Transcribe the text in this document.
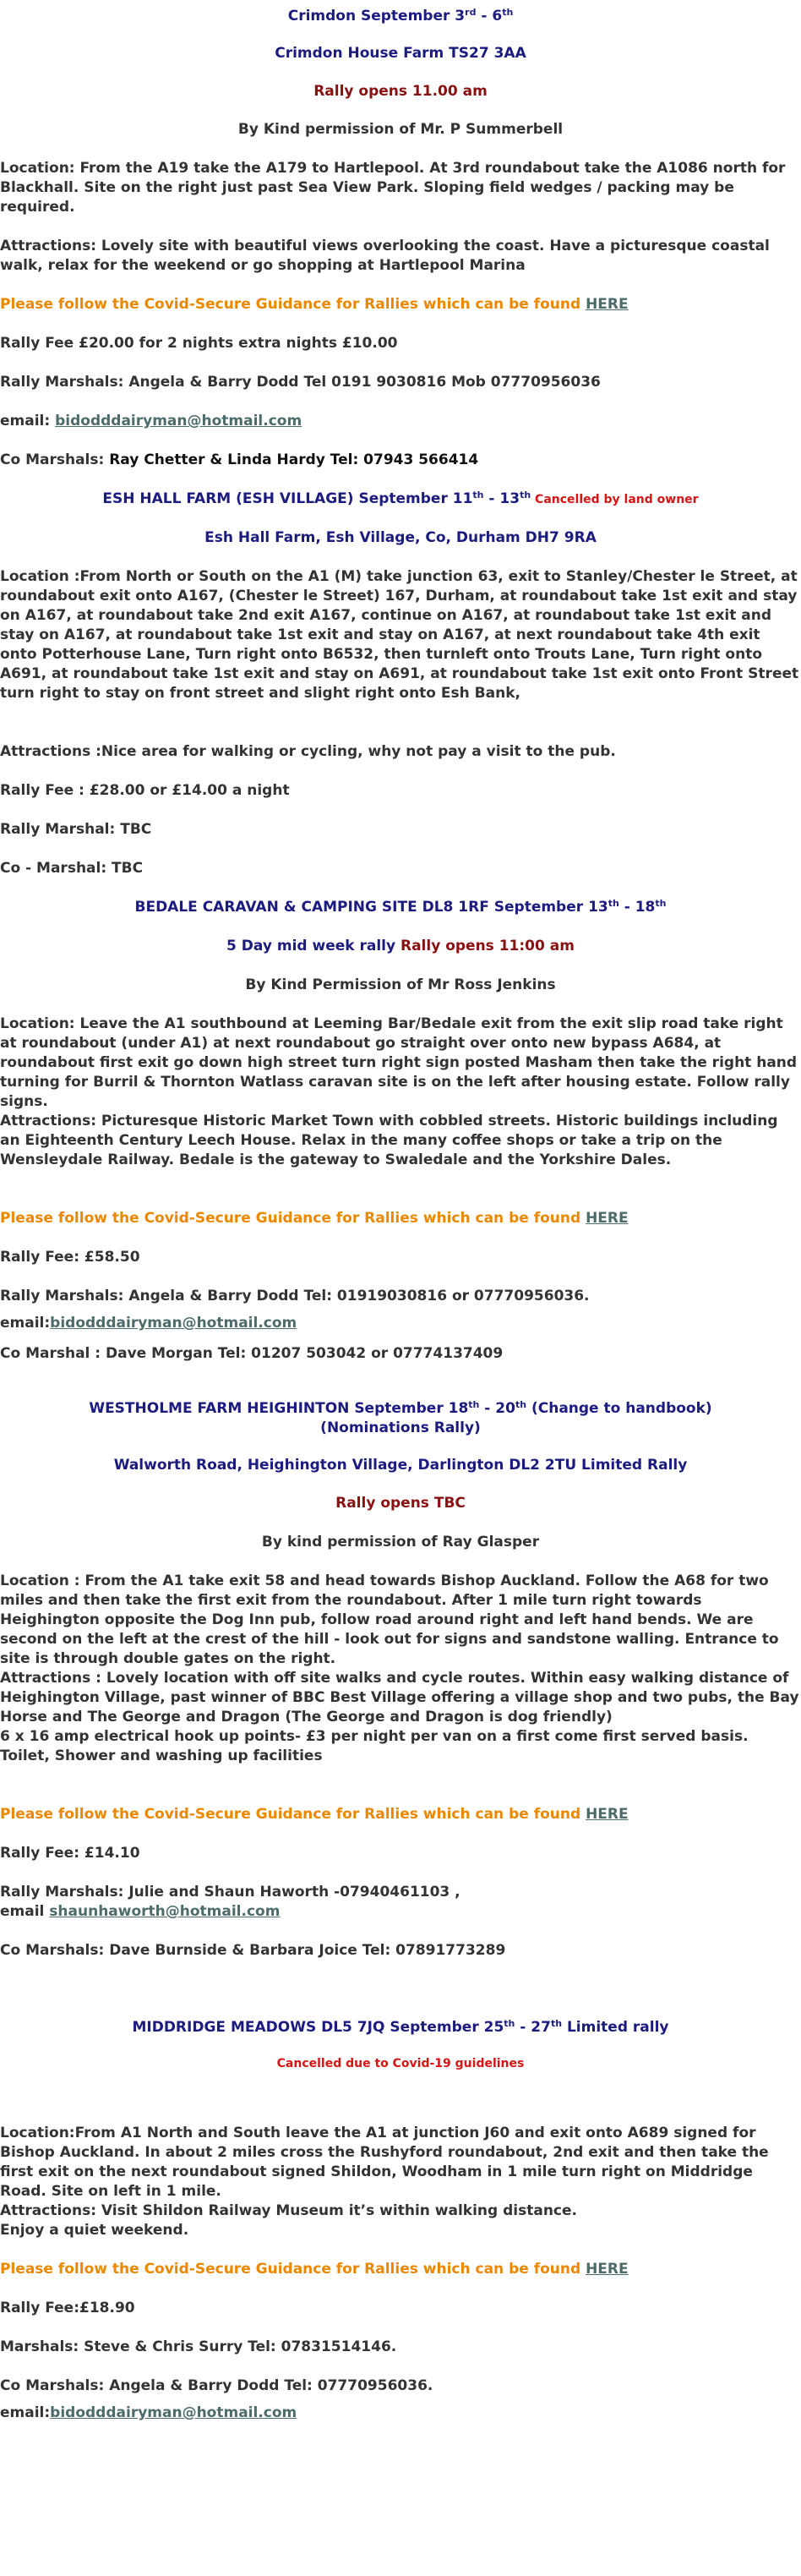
Crimdon September 3rd - 6th

Crimdon House Farm TS27 3AA

Rally opens 11.00 am

By Kind permission of Mr. P Summerbell

Location: From the A19 take the A179 to Hartlepool. At 3rd roundabout take the A1086 north for Blackhall. Site on the right just past Sea View Park. Sloping field wedges / packing may be required.

Attractions: Lovely site with beautiful views overlooking the coast. Have a picturesque coastal walk, relax for the weekend or go shopping at Hartlepool Marina

Please follow the Covid-Secure Guidance for Rallies which can be found HERE

Rally Fee £20.00 for 2 nights extra nights £10.00

Rally Marshals: Angela & Barry Dodd Tel 0191 9030816 Mob 07770956036

email: bidodddairyman@hotmail.com

Co Marshals: Ray Chetter & Linda Hardy Tel: 07943 566414

ESH HALL FARM (ESH VILLAGE) September 11th - 13th Cancelled by land owner

Esh Hall Farm, Esh Village, Co, Durham DH7 9RA

Location :From North or South on the A1 (M) take junction 63, exit to Stanley/Chester le Street, at roundabout exit onto A167, (Chester le Street) 167, Durham, at roundabout take 1st exit and stay on A167, at roundabout take 2nd exit A167, continue on A167, at roundabout take 1st exit and stay on A167, at roundabout take 1st exit and stay on A167, at next roundabout take 4th exit onto Potterhouse Lane, Turn right onto B6532, then turnleft onto Trouts Lane, Turn right onto A691, at roundabout take 1st exit and stay on A691, at roundabout take 1st exit onto Front Street turn right to stay on front street and slight right onto Esh Bank,

Attractions :Nice area for walking or cycling, why not pay a visit to the pub.

Rally Fee : £28.00 or £14.00 a night

Rally Marshal: TBC

Co - Marshal: TBC

BEDALE CARAVAN & CAMPING SITE DL8 1RF September 13th - 18th

5 Day mid week rally Rally opens 11:00 am

By Kind Permission of Mr Ross Jenkins

Location: Leave the A1 southbound at Leeming Bar/Bedale exit from the exit slip road take right at roundabout (under A1) at next roundabout go straight over onto new bypass A684, at roundabout first exit go down high street turn right sign posted Masham then take the right hand turning for Burril & Thornton Watlass caravan site is on the left after housing estate. Follow rally signs.

Attractions: Picturesque Historic Market Town with cobbled streets. Historic buildings including an Eighteenth Century Leech House. Relax in the many coffee shops or take a trip on the Wensleydale Railway. Bedale is the gateway to Swaledale and the Yorkshire Dales.

Please follow the Covid-Secure Guidance for Rallies which can be found HERE

Rally Fee: £58.50

Rally Marshals: Angela & Barry Dodd Tel: 01919030816 or 07770956036.

email:bidodddairyman@hotmail.com

Co Marshal : Dave Morgan Tel: 01207 503042 or 07774137409

WESTHOLME FARM HEIGHINTON September 18th - 20th (Change to handbook)
(Nominations Rally)

Walworth Road, Heighington Village, Darlington DL2 2TU Limited Rally

Rally opens TBC

By kind permission of Ray Glasper

Location : From the A1 take exit 58 and head towards Bishop Auckland. Follow the A68 for two miles and then take the first exit from the roundabout. After 1 mile turn right towards Heighington opposite the Dog Inn pub, follow road around right and left hand bends. We are second on the left at the crest of the hill - look out for signs and sandstone walling. Entrance to site is through double gates on the right.

Attractions : Lovely location with off site walks and cycle routes. Within easy walking distance of Heighington Village, past winner of BBC Best Village offering a village shop and two pubs, the Bay Horse and The George and Dragon (The George and Dragon is dog friendly)
6 x 16 amp electrical hook up points- £3 per night per van on a first come first served basis. Toilet, Shower and washing up facilities

Please follow the Covid-Secure Guidance for Rallies which can be found HERE

Rally Fee: £14.10

Rally Marshals: Julie and Shaun Haworth -07940461103 ,
email shaunhaworth@hotmail.com

Co Marshals: Dave Burnside & Barbara Joice Tel: 07891773289

MIDDRIDGE MEADOWS DL5 7JQ September 25th - 27th Limited rally

Cancelled due to Covid-19 guidelines

Location:From A1 North and South leave the A1 at junction J60 and exit onto A689 signed for Bishop Auckland. In about 2 miles cross the Rushyford roundabout, 2nd exit and then take the first exit on the next roundabout signed Shildon, Woodham in 1 mile turn right on Middridge Road. Site on left in 1 mile.

Attractions: Visit Shildon Railway Museum it’s within walking distance.
Enjoy a quiet weekend.

Please follow the Covid-Secure Guidance for Rallies which can be found HERE

Rally Fee:£18.90

Marshals: Steve & Chris Surry Tel: 07831514146.

Co Marshals: Angela & Barry Dodd Tel: 07770956036.

email:bidodddairyman@hotmail.com
